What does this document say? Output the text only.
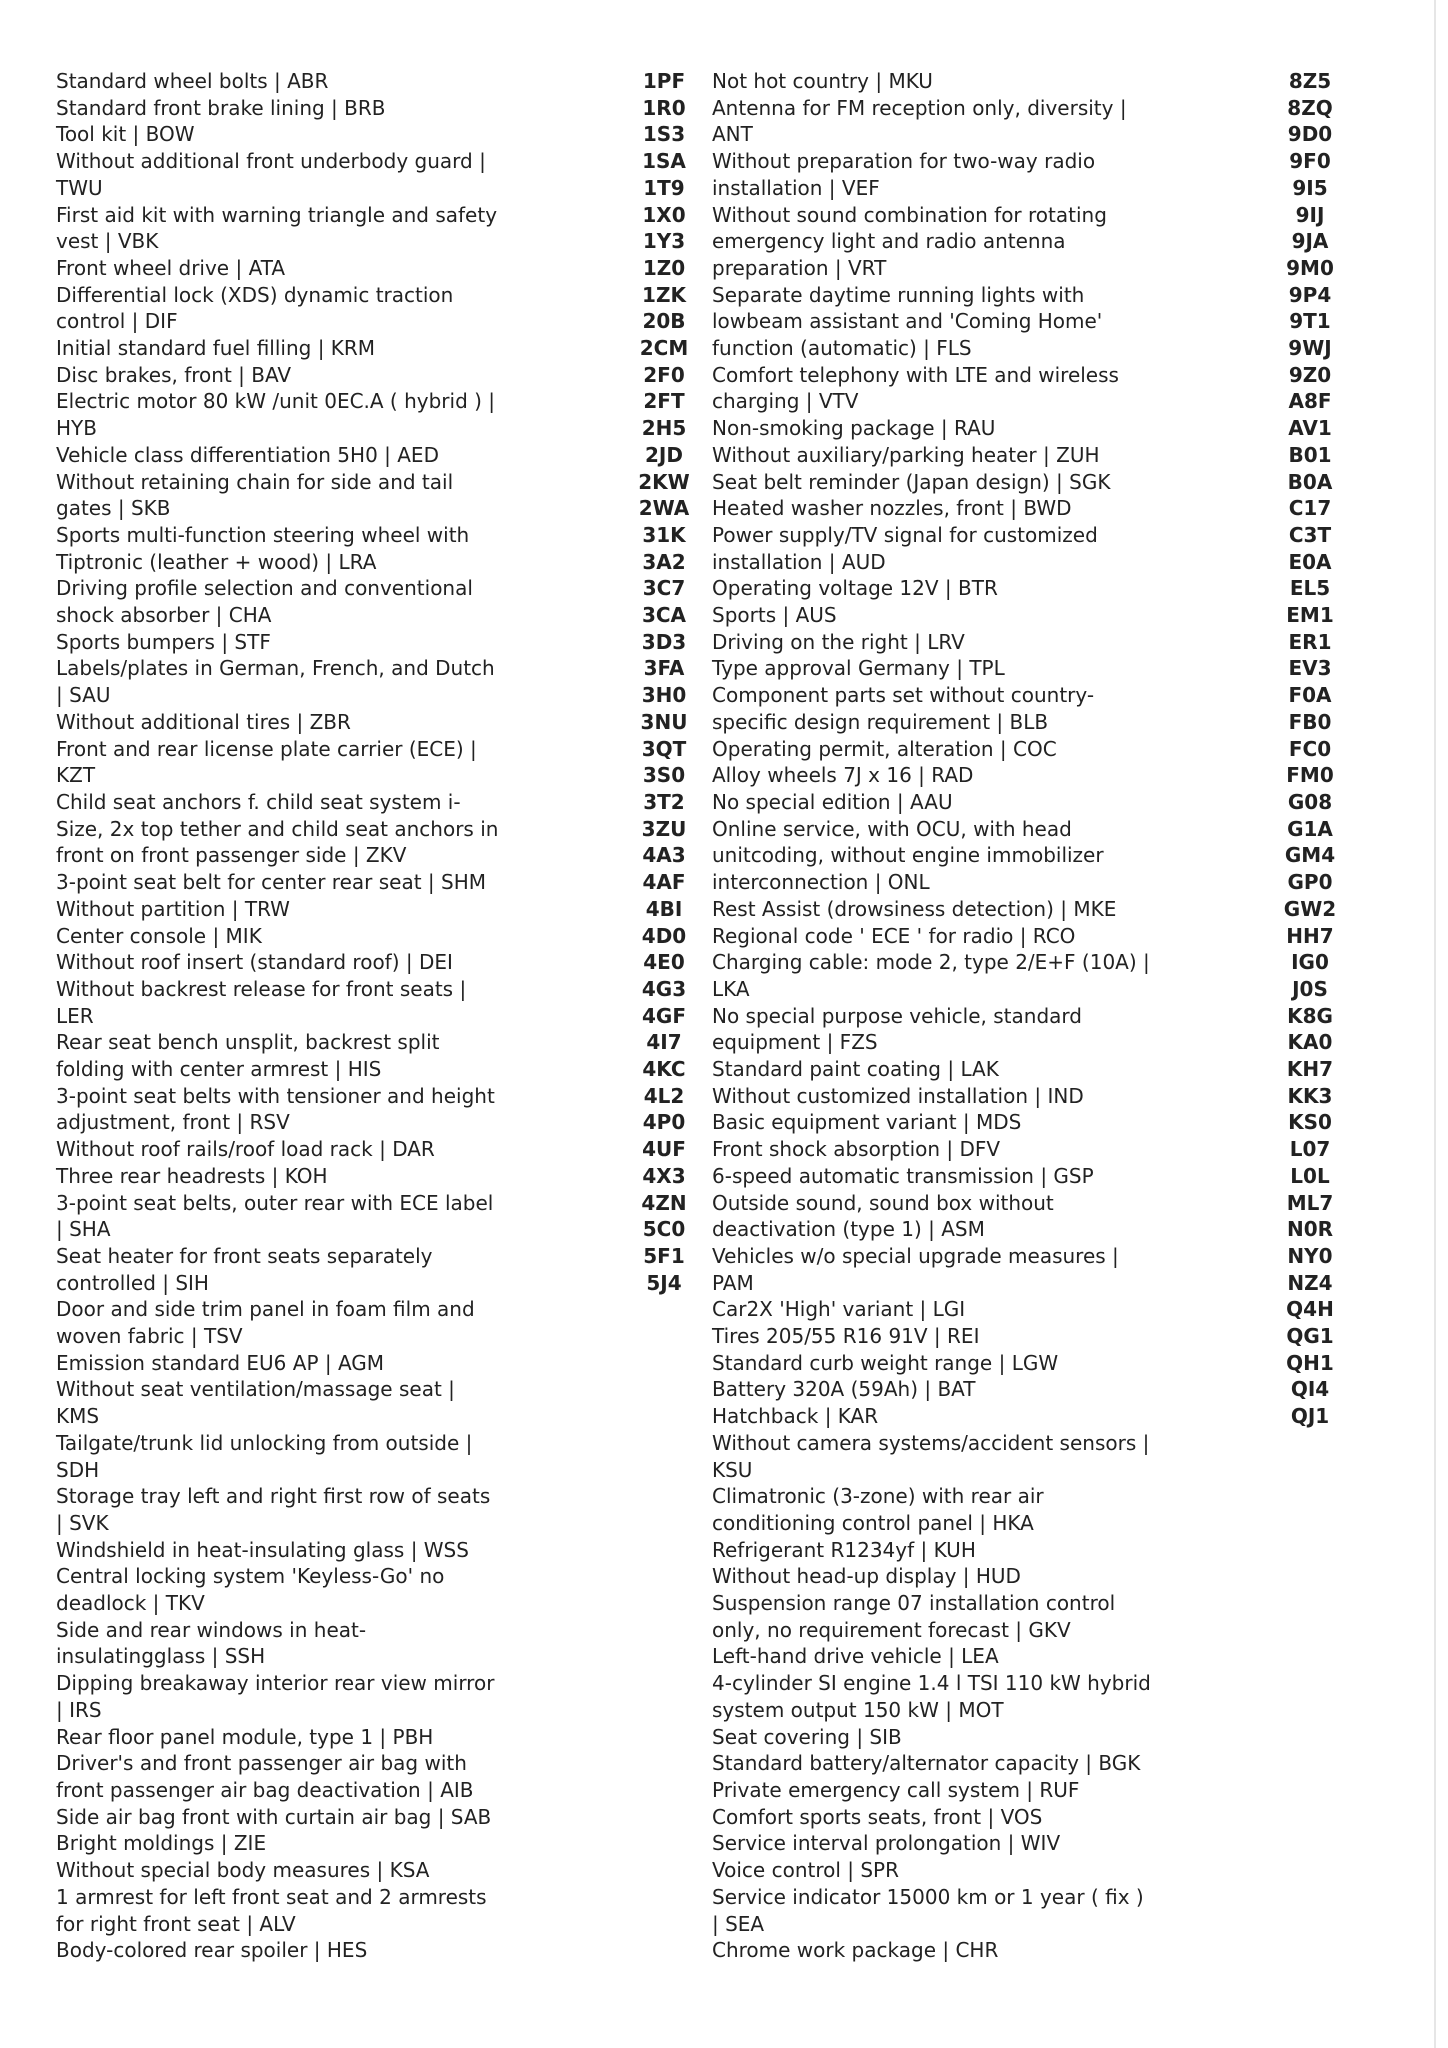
Standard wheel bolts | ABR
Standard front brake lining | BRB
Tool kit | BOW
Without additional front underbody guard |
TWU
First aid kit with warning triangle and safety
vest | VBK
Front wheel drive | ATA
Differential lock (XDS) dynamic traction
control | DIF
Initial standard fuel filling | KRM
Disc brakes, front | BAV
Electric motor 80 kW /unit 0EC.A ( hybrid ) |
HYB
Vehicle class differentiation 5H0 | AED
Without retaining chain for side and tail
gates | SKB
Sports multi-function steering wheel with
Tiptronic (leather + wood) | LRA
Driving profile selection and conventional
shock absorber | CHA
Sports bumpers | STF
Labels/plates in German, French, and Dutch
| SAU
Without additional tires | ZBR
Front and rear license plate carrier (ECE) |
KZT
Child seat anchors f. child seat system i-
Size, 2x top tether and child seat anchors in
front on front passenger side | ZKV
3-point seat belt for center rear seat | SHM
Without partition | TRW
Center console | MIK
Without roof insert (standard roof) | DEI
Without backrest release for front seats |
LER
Rear seat bench unsplit, backrest split
folding with center armrest | HIS
3-point seat belts with tensioner and height
adjustment, front | RSV
Without roof rails/roof load rack | DAR
Three rear headrests | KOH
3-point seat belts, outer rear with ECE label
| SHA
Seat heater for front seats separately
controlled | SIH
Door and side trim panel in foam film and
woven fabric | TSV
Emission standard EU6 AP | AGM
Without seat ventilation/massage seat |
KMS
Tailgate/trunk lid unlocking from outside |
SDH
Storage tray left and right first row of seats
| SVK
Windshield in heat-insulating glass | WSS
Central locking system 'Keyless-Go' no
deadlock | TKV
Side and rear windows in heat-
insulatingglass | SSH
Dipping breakaway interior rear view mirror
| IRS
Rear floor panel module, type 1 | PBH
Driver's and front passenger air bag with
front passenger air bag deactivation | AIB
Side air bag front with curtain air bag | SAB
Bright moldings | ZIE
Without special body measures | KSA
1 armrest for left front seat and 2 armrests
for right front seat | ALV
Body-colored rear spoiler | HES
1PF
1R0
1S3
1SA
1T9
1X0
1Y3
1Z0
1ZK
20B
2CM
2F0
2FT
2H5
2JD
2KW
2WA
31K
3A2
3C7
3CA
3D3
3FA
3H0
3NU
3QT
3S0
3T2
3ZU
4A3
4AF
4BI
4D0
4E0
4G3
4GF
4I7
4KC
4L2
4P0
4UF
4X3
4ZN
5C0
5F1
5J4
Not hot country | MKU
Antenna for FM reception only, diversity |
ANT
Without preparation for two-way radio
installation | VEF
Without sound combination for rotating
emergency light and radio antenna
preparation | VRT
Separate daytime running lights with
lowbeam assistant and 'Coming Home'
function (automatic) | FLS
Comfort telephony with LTE and wireless
charging | VTV
Non-smoking package | RAU
Without auxiliary/parking heater | ZUH
Seat belt reminder (Japan design) | SGK
Heated washer nozzles, front | BWD
Power supply/TV signal for customized
installation | AUD
Operating voltage 12V | BTR
Sports | AUS
Driving on the right | LRV
Type approval Germany | TPL
Component parts set without country-
specific design requirement | BLB
Operating permit, alteration | COC
Alloy wheels 7J x 16 | RAD
No special edition | AAU
Online service, with OCU, with head
unitcoding, without engine immobilizer
interconnection | ONL
Rest Assist (drowsiness detection) | MKE
Regional code ' ECE ' for radio | RCO
Charging cable: mode 2, type 2/E+F (10A) |
LKA
No special purpose vehicle, standard
equipment | FZS
Standard paint coating | LAK
Without customized installation | IND
Basic equipment variant | MDS
Front shock absorption | DFV
6-speed automatic transmission | GSP
Outside sound, sound box without
deactivation (type 1) | ASM
Vehicles w/o special upgrade measures |
PAM
Car2X 'High' variant | LGI
Tires 205/55 R16 91V | REI
Standard curb weight range | LGW
Battery 320A (59Ah) | BAT
Hatchback | KAR
Without camera systems/accident sensors |
KSU
Climatronic (3-zone) with rear air
conditioning control panel | HKA
Refrigerant R1234yf | KUH
Without head-up display | HUD
Suspension range 07 installation control
only, no requirement forecast | GKV
Left-hand drive vehicle | LEA
4-cylinder SI engine 1.4 l TSI 110 kW hybrid
system output 150 kW | MOT
Seat covering | SIB
Standard battery/alternator capacity | BGK
Private emergency call system | RUF
Comfort sports seats, front | VOS
Service interval prolongation | WIV
Voice control | SPR
Service indicator 15000 km or 1 year ( fix )
| SEA
Chrome work package | CHR
8Z5
8ZQ
9D0
9F0
9I5
9IJ
9JA
9M0
9P4
9T1
9WJ
9Z0
A8F
AV1
B01
B0A
C17
C3T
E0A
EL5
EM1
ER1
EV3
F0A
FB0
FC0
FM0
G08
G1A
GM4
GP0
GW2
HH7
IG0
J0S
K8G
KA0
KH7
KK3
KS0
L07
L0L
ML7
N0R
NY0
NZ4
Q4H
QG1
QH1
QI4
QJ1
